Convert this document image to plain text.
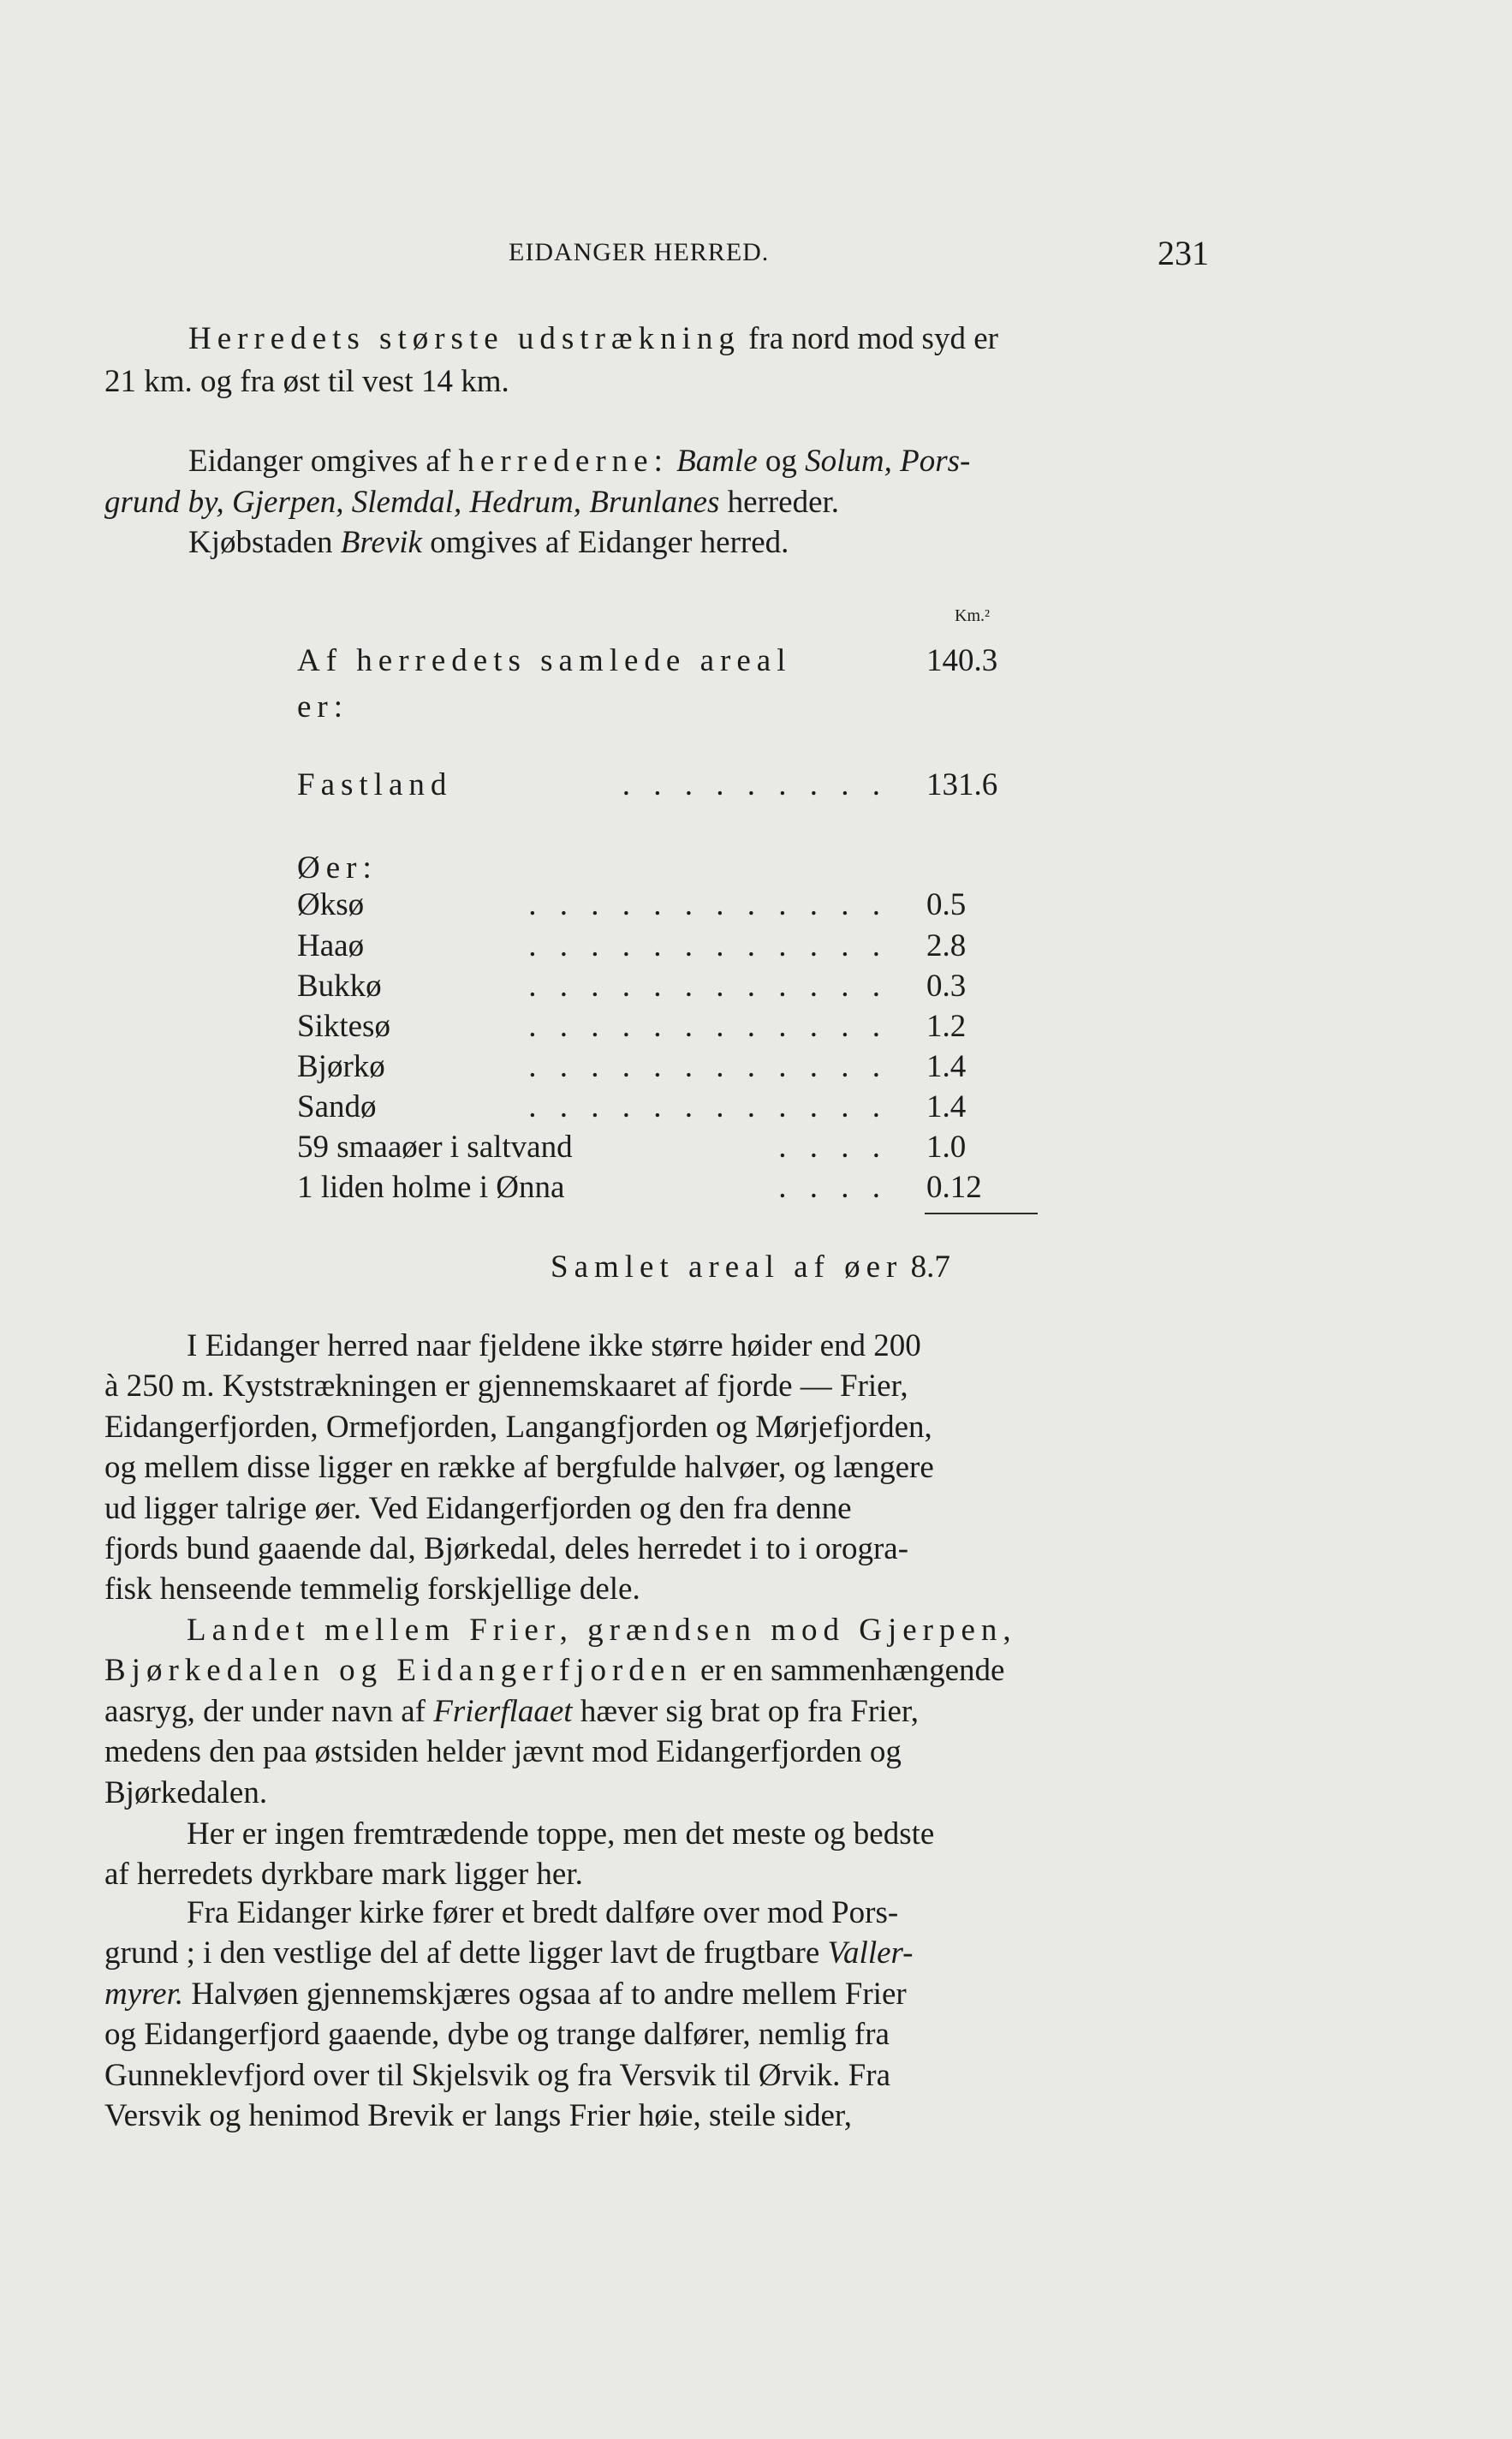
EIDANGER HERRED.	231
Herredets største udstrækning fra nord mod syd er
21 km. og fra øst til vest 14 km.
Eidanger omgives af herrederne: Bamle og Solum, Pors-
grund by, Gjerpen, Slemdal, Hedrum, Brunlanes herreder.
Kjøbstaden Brevik omgives af Eidanger herred.
Km.²
Af herredets samlede areal	140.3
er:
. . . . . . . . .
Fastland	131.6
Øer:
. . . . . . . . . . . .
Øksø	0.5
. . . . . . . . . . . .
Haaø	2.8
. . . . . . . . . . . .
Bukkø	0.3
. . . . . . . . . . . .
Siktesø	1.2
. . . . . . . . . . . .
Bjørkø	1.4
. . . . . . . . . . . .
Sandø	1.4
. . . .
59 smaaøer i saltvand	1.0
. . . .
1 liden holme i Ønna	0.12
Samlet areal af øer 8.7
I Eidanger herred naar fjeldene ikke større høider end 200
à 250 m. Kyststrækningen er gjennemskaaret af fjorde — Frier,
Eidangerfjorden, Ormefjorden, Langangfjorden og Mørjefjorden,
og mellem disse ligger en række af bergfulde halvøer, og længere
ud ligger talrige øer. Ved Eidangerfjorden og den fra denne
fjords bund gaaende dal, Bjørkedal, deles herredet i to i orogra-
fisk henseende temmelig forskjellige dele.
Landet mellem Frier, grændsen mod Gjerpen,
Bjørkedalen og Eidangerfjorden er en sammenhængende
aasryg, der under navn af Frierflaaet hæver sig brat op fra Frier,
medens den paa østsiden helder jævnt mod Eidangerfjorden og
Bjørkedalen.
Her er ingen fremtrædende toppe, men det meste og bedste
af herredets dyrkbare mark ligger her.
Fra Eidanger kirke fører et bredt dalføre over mod Pors-
grund ; i den vestlige del af dette ligger lavt de frugtbare Valler-
myrer. Halvøen gjennemskjæres ogsaa af to andre mellem Frier
og Eidangerfjord gaaende, dybe og trange dalfører, nemlig fra
Gunneklevfjord over til Skjelsvik og fra Versvik til Ørvik. Fra
Versvik og henimod Brevik er langs Frier høie, steile sider,
